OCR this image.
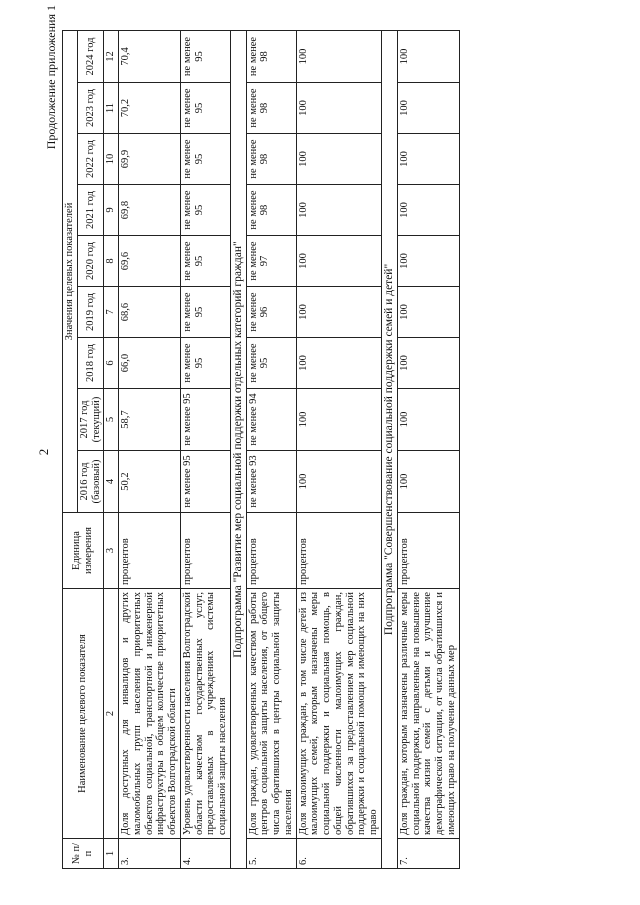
2
Продолжение приложения 1
№ п/п	Наименование целевого показателя	Единица измерения	Значения целевых показателей								
			2016 год (базовый)	2017 год (текущий)	2018 год	2019 год	2020 год	2021 год	2022 год	2023 год	2024 год
1	2	3	4	5	6	7	8	9	10	11	12
3.	Доля доступных для инвалидов и других маломобильных групп населения приоритетных объектов социальной, транспортной и инженерной инфраструктуры в общем количестве приоритетных объектов Волгоградской области	процентов	50,2	58,7	66,0	68,6	69,6	69,8	69,9	70,2	70,4
4.	Уровень удовлетворенности населения Волгоградской области качеством государственных услуг, предоставляемых в учреждениях системы социальной защиты населения	процентов	не менее 95	не менее 95	не менее 95	не менее 95	не менее 95	не менее 95	не менее 95	не менее 95	не менее 95
Подпрограмма "Развитие мер социальной поддержки отдельных категорий граждан"											
5.	Доля граждан, удовлетворенных качеством работы центров социальной защиты населения, от общего числа обратившихся в центры социальной защиты населения	процентов	не менее 93	не менее 94	не менее 95	не менее 96	не менее 97	не менее 98	не менее 98	не менее 98	не менее 98
6.	Доля малоимущих граждан, в том числе детей из малоимущих семей, которым назначены меры социальной поддержки и социальная помощь, в общей численности малоимущих граждан, обратившихся за предоставлением мер социальной поддержки и социальной помощи и имеющих на них право	процентов	100	100	100	100	100	100	100	100	100
Подпрограмма "Совершенствование социальной поддержки семей и детей"											
7.	Доля граждан, которым назначены различные меры социальной поддержки, направленные на повышение качества жизни семей с детьми и улучшение демографической ситуации, от числа обратившихся и имеющих право на получение данных мер	процентов	100	100	100	100	100	100	100	100	100
